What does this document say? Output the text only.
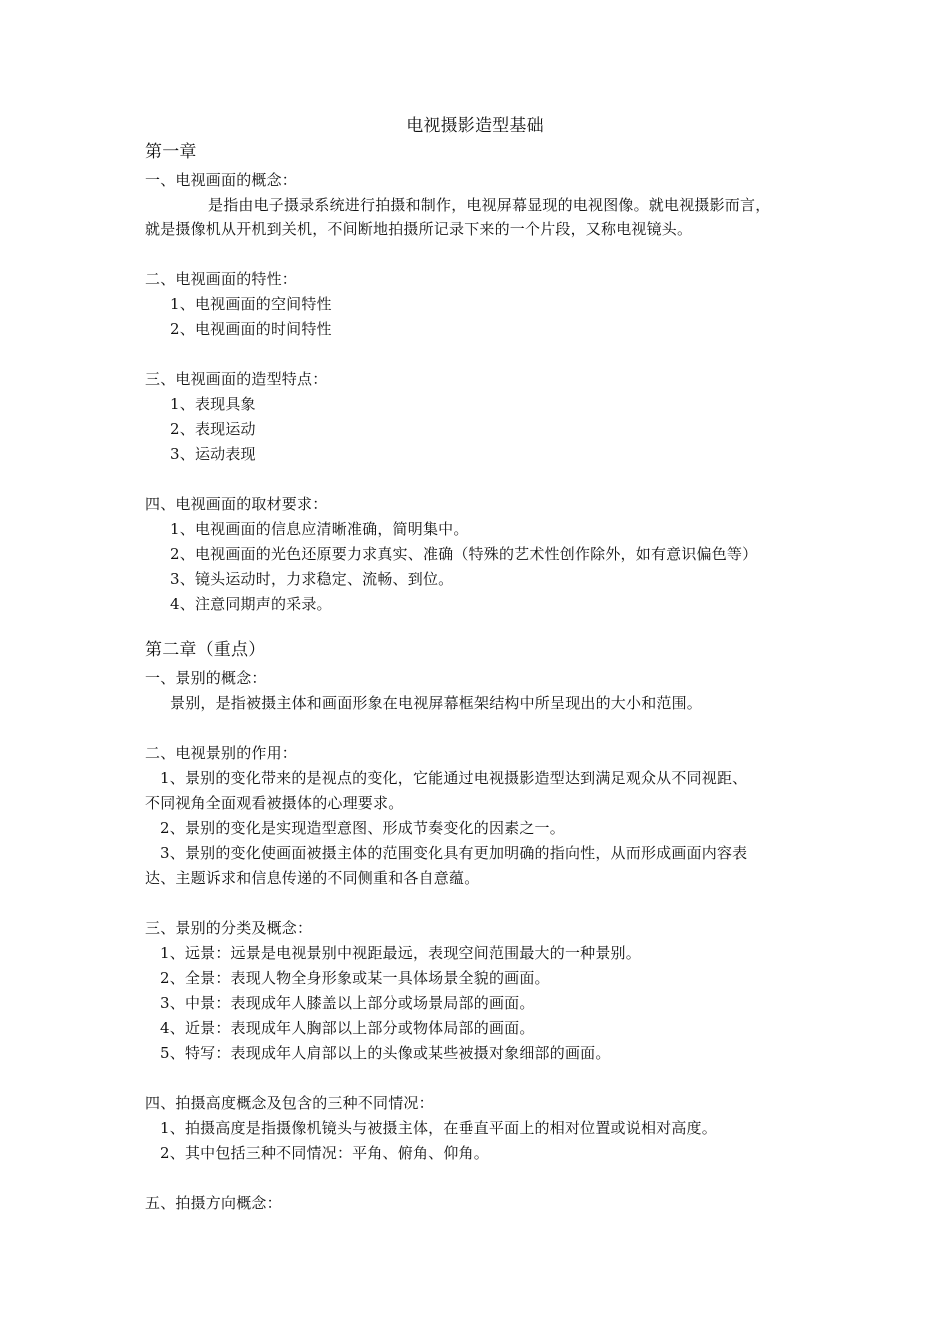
电视摄影造型基础
第一章
一、电视画面的概念：
是指由电子摄录系统进行拍摄和制作，电视屏幕显现的电视图像。就电视摄影而言，
就是摄像机从开机到关机，不间断地拍摄所记录下来的一个片段，又称电视镜头。
二、电视画面的特性：
1、电视画面的空间特性
2、电视画面的时间特性
三、电视画面的造型特点：
1、表现具象
2、表现运动
3、运动表现
四、电视画面的取材要求：
1、电视画面的信息应清晰准确，简明集中。
2、电视画面的光色还原要力求真实、准确（特殊的艺术性创作除外，如有意识偏色等）
3、镜头运动时，力求稳定、流畅、到位。
4、注意同期声的采录。
第二章（重点）
一、景别的概念：
景别，是指被摄主体和画面形象在电视屏幕框架结构中所呈现出的大小和范围。
二、电视景别的作用：
1、景别的变化带来的是视点的变化，它能通过电视摄影造型达到满足观众从不同视距、
不同视角全面观看被摄体的心理要求。
2、景别的变化是实现造型意图、形成节奏变化的因素之一。
3、景别的变化使画面被摄主体的范围变化具有更加明确的指向性，从而形成画面内容表
达、主题诉求和信息传递的不同侧重和各自意蕴。
三、景别的分类及概念：
1、远景：远景是电视景别中视距最远，表现空间范围最大的一种景别。
2、全景：表现人物全身形象或某一具体场景全貌的画面。
3、中景：表现成年人膝盖以上部分或场景局部的画面。
4、近景：表现成年人胸部以上部分或物体局部的画面。
5、特写：表现成年人肩部以上的头像或某些被摄对象细部的画面。
四、拍摄高度概念及包含的三种不同情况：
1、拍摄高度是指摄像机镜头与被摄主体，在垂直平面上的相对位置或说相对高度。
2、其中包括三种不同情况：平角、俯角、仰角。
五、拍摄方向概念：
